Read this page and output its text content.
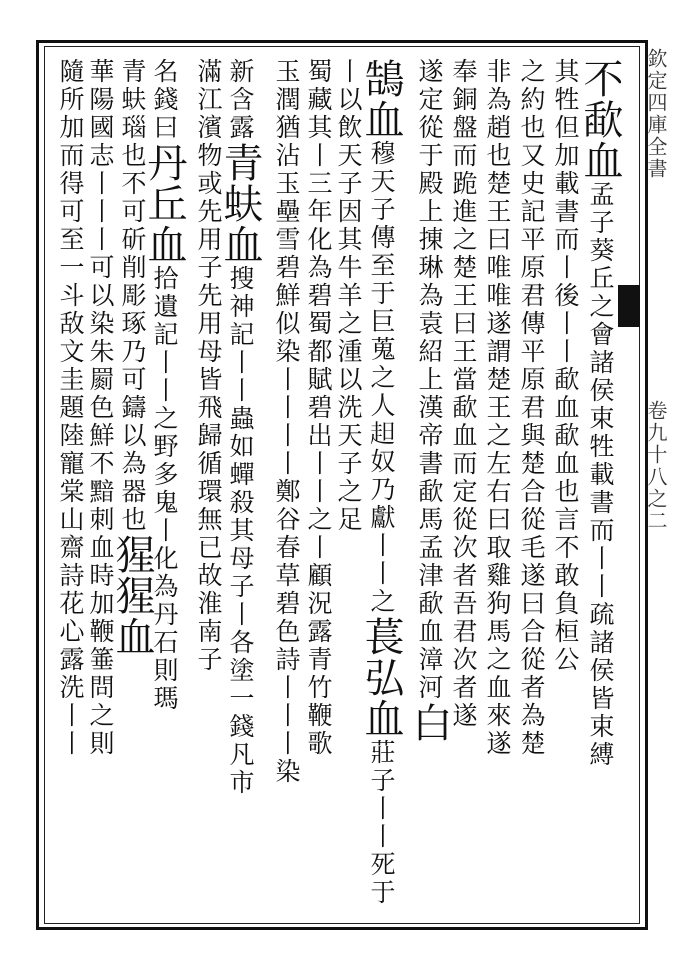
欽定四庫全書
卷九十八之二
不歃血孟子葵丘之會諸侯束牲載書而丨丨疏諸侯皆束縛
其牲但加載書而丨後丨丨歃血歃血也言不敢負桓公
之約也又史記平原君傳平原君與楚合從毛遂曰合從者為楚
非為趙也楚王曰唯唯遂謂楚王之左右曰取雞狗馬之血來遂
奉銅盤而跪進之楚王曰王當歃血而定從次者吾君次者遂
遂定從于殿上㨂琳為袁紹上漢帝書歃馬孟津歃血漳河白
鵠血穆天子傳至于巨蒐之人𧺝奴乃獻丨丨之萇弘血莊子丨丨死于
丨以飲天子因其牛羊之湩以洗天子之足
蜀藏其丨三年化為碧蜀都賦碧出丨丨之丨顧況露青竹鞭歌
玉潤猶沾玉壘雪碧鮮似染丨丨丨丨鄭谷春草碧色詩丨丨丨染
新含露青蚨血搜神記丨丨蟲如蟬殺其母子丨各塗一錢凡市
滿江濱物或先用子先用母皆飛歸循環無已故淮南子
名錢曰丹丘血拾遺記丨丨之野多鬼丨化為丹石則瑪
青蚨瑙也不可斫削彫琢乃可鑄以為器也猩猩血
華陽國志丨丨丨可以染朱罽色鮮不黯刺血時加鞭箠問之則
隨所加而得可至一斗敌文圭題陸寵棠山齋詩花心露洗丨丨
